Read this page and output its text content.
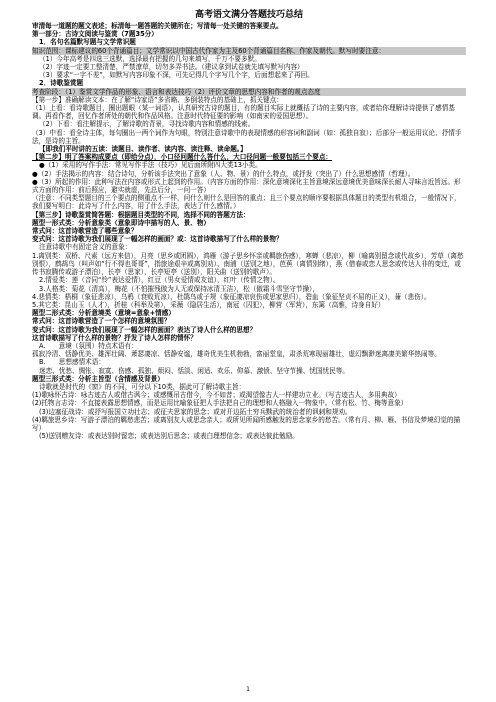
高考语文满分答题技巧总结
审清每一道题的题文表述；标清每一题答题的关键所在；写清每一处关键的答案要点。
第一部分：古诗文阅读与鉴赏（7题35分）
1．名句名篇默写题与文学常识题
知识范围：课标建议的60个背诵篇目；文学常识以中国古代作家为主及60个背诵篇目名称、作家及朝代。默写时要注意：
（1）今年高考是四选三选默，选择最有把握的几句来填写，千万不要多默。
（2）字迹一定要工整清楚，严禁潦草，切勿多弄书法。（建议拿到试卷就先填写默写内容）
（3）要求“一字不差”，如默写内容印象不深，可先记得几个字写几个字，后面想起来了再回。
2．诗歌鉴赏题
考查阶段：（1）鉴赏文学作品的形象、语言和表达技巧（2）评价文章的思想内容和作者的观点态度
【第一步】准确解读文本：在了解“诗家语”多省略、多倒装特点的基础上，抓关键点：
（1）上看：看诗歌题目，圈出题眼（某一词语），认真研究古诗的题目，有的题目实际上就概括了诗的主要内容，或者给你理解诗诗提供了感情基调。再看作者，回忆作者所处的朝代和作品风格。注意时代特征要的影响（如南宋的爱国思想）。
（2）下看：看注解提示，了解诗歌的背景，寻找诗歌内容和情感的线索。
（3）中看：看全诗主体，每句圈出一两个词作为句眼，特别注意诗歌中的表现情感的形容词和副词（如：孤独自寂）；后部分一般运用议论、抒情手法，是诗的主旨。
【即我们平时讲的五读：读题目、读作者、读内容、读注释、读命题。】
【第二步】明了答案构成要点（即给分点），小口径问题什么答什么，大口径问题一般要包括三个要点：
●（1）采用的写作手法：常见写作手法（技巧）见后面所附四大类13小类。
●（2）手法揭示的内容：结合诗句，分析该手法突出了意象（人、物、景）的什么特点，或抒发（突出了）什么思想感情（哲理）。
●（3）所起的作用：此种写法在内容或形式上起到的作用。（内容方面的作用：深化意境深化主旨意境深远意境优美意味深长耐人寻味言近旨远。形式方面的作用：前后照应，避实就虚，先总后分，一问一答）
（注意：不同类型题目的三个要点的侧重点不一样，问什么则什么是回答的重点；且三个要点的顺序要根据具体题目的类型有机组合，一般情况下，我们要写明白：此诗写了什么内容，用了什么手法，表达了什么感情。）
【第三步】诗歌鉴赏简答题：根据题目类型的不同，选择不同的答题方法：
题型一形式类：分析意象类（意象即诗中描写的人、景、物）
常式问：这首诗歌营造了哪些意象？
变式问：这首诗歌为我们展现了一幅怎样的画面？或：这首诗歌描写了什么样的景物？
注意诗歌中有固定含义的意象：
1.离别类：双桥、尺素（远方来信），月亮（思乡或团圆），鸿雁（游子思乡怀亲或羁旅伤感），寒蝉（悲凉），柳（喻离别留念或代故乡），芳草（离愁别恨），鹧鸪鸟（叫声如“行不得也哥哥”，指旅途艰辛或离别劝）、南浦（送别之地），芭蕉（离情别绪），燕（借春或恋人思念或传达人非的变迁，或传书寂腾传或游子漂泊），长亭（思家），长亭短亭（送别），阳关曲（送别的歌声）。
2.情爱类：莲（音同“怜”表达爱情），红豆（男女爱情或友谊），红叶（传情之物）。
3.人格类：菊花（清高），梅花（不怕摧残傲为人无或保持冰清玉洁），松（傲霜斗雪坚守节操），
4.悲情类：梧桐（象征悲凉），乌鸦（衰败荒凉），杜鹃鸟或子规（象征凄凉哀伤或思家思归），碧血（象征坚贞不屈的正义），蒹（悲伤）。
5.其它类：昆山玉（人才），折桂（科举及第），采薇（隐居生活），南冠（囚犯），柳营（军营），东篱（高雅，诗身自好）
题型二形式类：分析意境类（意境=意象+情感）
常式问：这首诗歌营造了一个怎样的意境氛围？
变式问：这首诗歌为我们展现了一幅怎样的画面？表达了诗人什么样的思想？
这首诗歌描写了什么样的景物？抒发了诗人怎样的情怀？
A.　　意境（氛围）特点术语有：
孤寂冷清、恬静优美、雄浑壮阔、萧瑟凄凉、恬静安谧，雄奇优美生机勃勃，富丽堂皇，肃杀荒寒现丽雄壮，虚幻飘渺迷离凄美繁华热闹等。
B.　　思想感情术语：
迷恋、忧愁、惆怅、寂寞、伤感、孤独、烦闷、恬淡、闲适、欢乐、仰慕、激愤、坚守节操、忧国忧民等。
题型三形式类：分析主旨型（含情感及背景）
诗歌就是时代的《窗》的不同，可分以下10类，据此可了解诗歌主旨：
(1)歌咏怀古诗：咏古迹古人或借古讽今；或感慨吊古借今，今不如昔；或渴望像古人一样建功立业。（写古迹古人，多用典故）
(2)托物言志诗：不直接表露思想情感，而是运用比喻象征把人手法把自己的理想和人格融入一物象中。（常有松、竹、梅等意象）
(3)边塞征战诗：或抒写报国立功壮志；或征夫思家的思念；或对开边拓土穷兵黩武的统治者的讽刺和规劝。
(4)羁旅思乡诗：写游子漂泊的羁愁悲苦；或离别友人或思念亲人；或所见所闻所感触发的思念家乡的愁苦。（常有月、柳、雁、书信及梦境幻觉的描写）
(5)送别赠友诗：或表达别时留恋；或表达别后思念；或表白理想信念；或表达彼此勉励。
1
